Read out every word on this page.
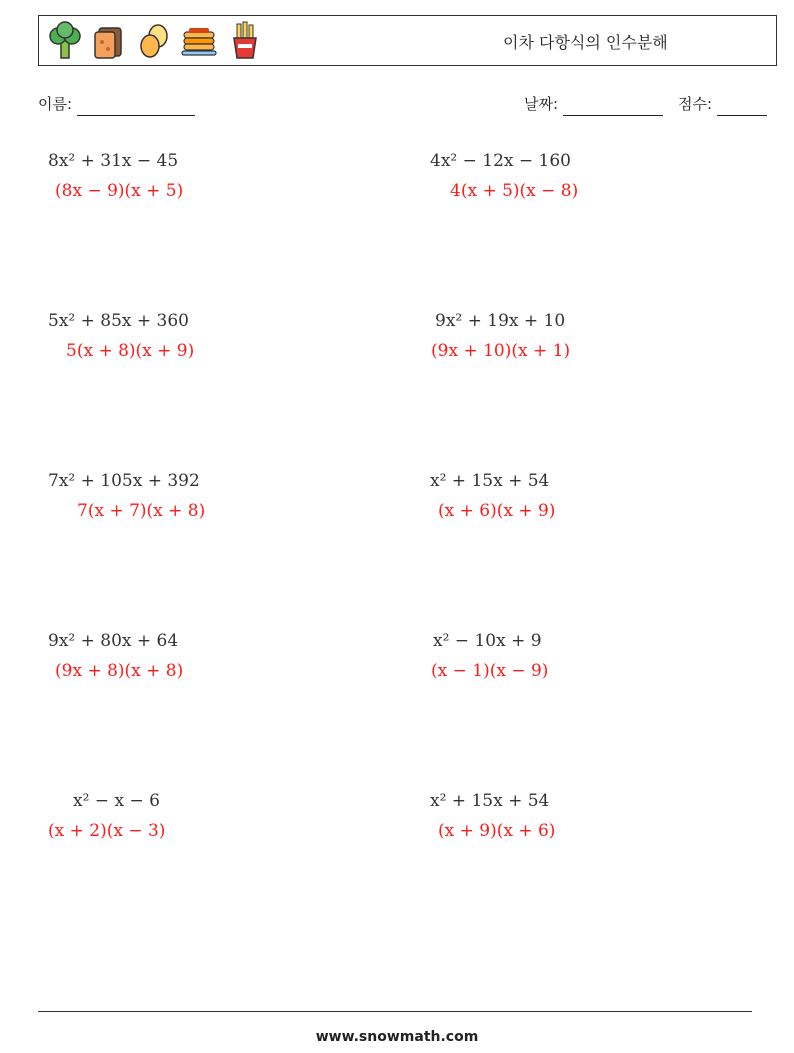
이차 다항식의 인수분해
이름:	날짜:	점수:
8x² + 31x − 45
(8x − 9)(x + 5)
4x² − 12x − 160
4(x + 5)(x − 8)
5x² + 85x + 360
5(x + 8)(x + 9)
9x² + 19x + 10
(9x + 10)(x + 1)
7x² + 105x + 392
7(x + 7)(x + 8)
x² + 15x + 54
(x + 6)(x + 9)
9x² + 80x + 64
(9x + 8)(x + 8)
x² − 10x + 9
(x − 1)(x − 9)
x² − x − 6
(x + 2)(x − 3)
x² + 15x + 54
(x + 9)(x + 6)
www.snowmath.com
